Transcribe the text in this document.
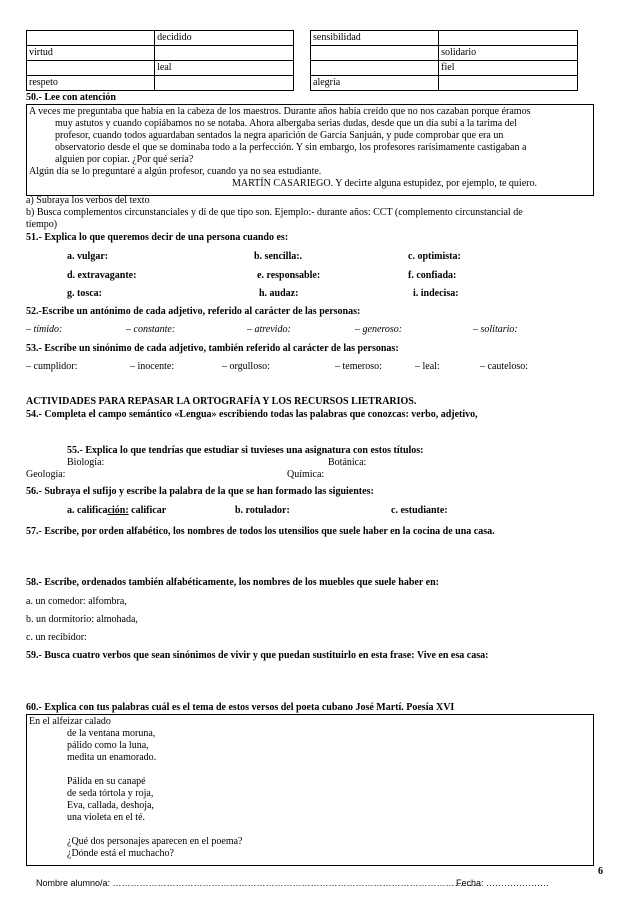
	decidido
virtud	
	leal
respeto	
sensibilidad	
	solidario
	fiel
alegría	
50.- Lee con atención
A veces me preguntaba que había en la cabeza de los maestros. Durante años había creído que no nos cazaban porque éramos
muy astutos y cuando copiábamos no se notaba. Ahora albergaba serias dudas, desde que un día subí a la tarima del
profesor, cuando todos aguardaban sentados la negra aparición de García Sanjuán, y pude comprobar que era un
observatorio desde el que se dominaba todo a la perfección. Y sin embargo, los profesores rarísimamente castigaban a
alguien por copiar. ¿Por qué sería?
Algún día se lo preguntaré a algún profesor, cuando ya no sea estudiante.
MARTÍN CASARIEGO. Y decirte alguna estupidez, por ejemplo, te quiero.
a) Subraya los verbos del texto
b) Busca complementos circunstanciales y dí de que tipo son. Ejemplo:- durante años: CCT (complemento circunstancial de
tiempo)
51.- Explica lo que queremos decir de una persona cuando es:
a. vulgar:	b. sencilla:.	c. optimista:
d. extravagante:	e. responsable:	f. confiada:
g. tosca:	h. audaz:	i. indecisa:
52.-Escribe un antónimo de cada adjetivo, referido al carácter de las personas:
– tímido:	– constante:	– atrevido:	– generoso:	– solitario:
53.- Escribe un sinónimo de cada adjetivo, también referido al carácter de las personas:
– cumplidor:	– inocente:	– orgulloso:	– temeroso:	– leal:	– cauteloso:
ACTIVIDADES PARA REPASAR LA ORTOGRAFÍA Y LOS RECURSOS LIETRARIOS.
54.- Completa el campo semántico «Lengua» escribiendo todas las palabras que conozcas: verbo, adjetivo,
55.- Explica lo que tendrías que estudiar si tuvieses una asignatura con estos títulos:
Biología:	Botánica:
Geología:	Química:
56.- Subraya el sufijo y escribe la palabra de la que se han formado las siguientes:
a. calificación: calificar	b. rotulador:	c. estudiante:
57.- Escribe, por orden alfabético, los nombres de todos los utensilios que suele haber en la cocina de una casa.
58.- Escribe, ordenados también alfabéticamente, los nombres de los muebles que suele haber en:
a. un comedor: alfombra,
b. un dormitorio: almohada,
c. un recibidor:
59.- Busca cuatro verbos que sean sinónimos de vivir y que puedan sustituirlo en esta frase: Vive en esa casa:
60.- Explica con tus palabras cuál es el tema de estos versos del poeta cubano José Martí. Poesía XVI
En el alfeizar calado
de la ventana moruna,
pálido como la luna,
medita un enamorado.
Pálida en su canapé
de seda tórtola y roja,
Eva, callada, deshoja,
una violeta en el té.
¿Qué dos personajes aparecen en el poema?
¿Dónde está el muchacho?
6
Nombre alumno/a: ……………………………………………………………………………………………………………
Fecha: …………………
